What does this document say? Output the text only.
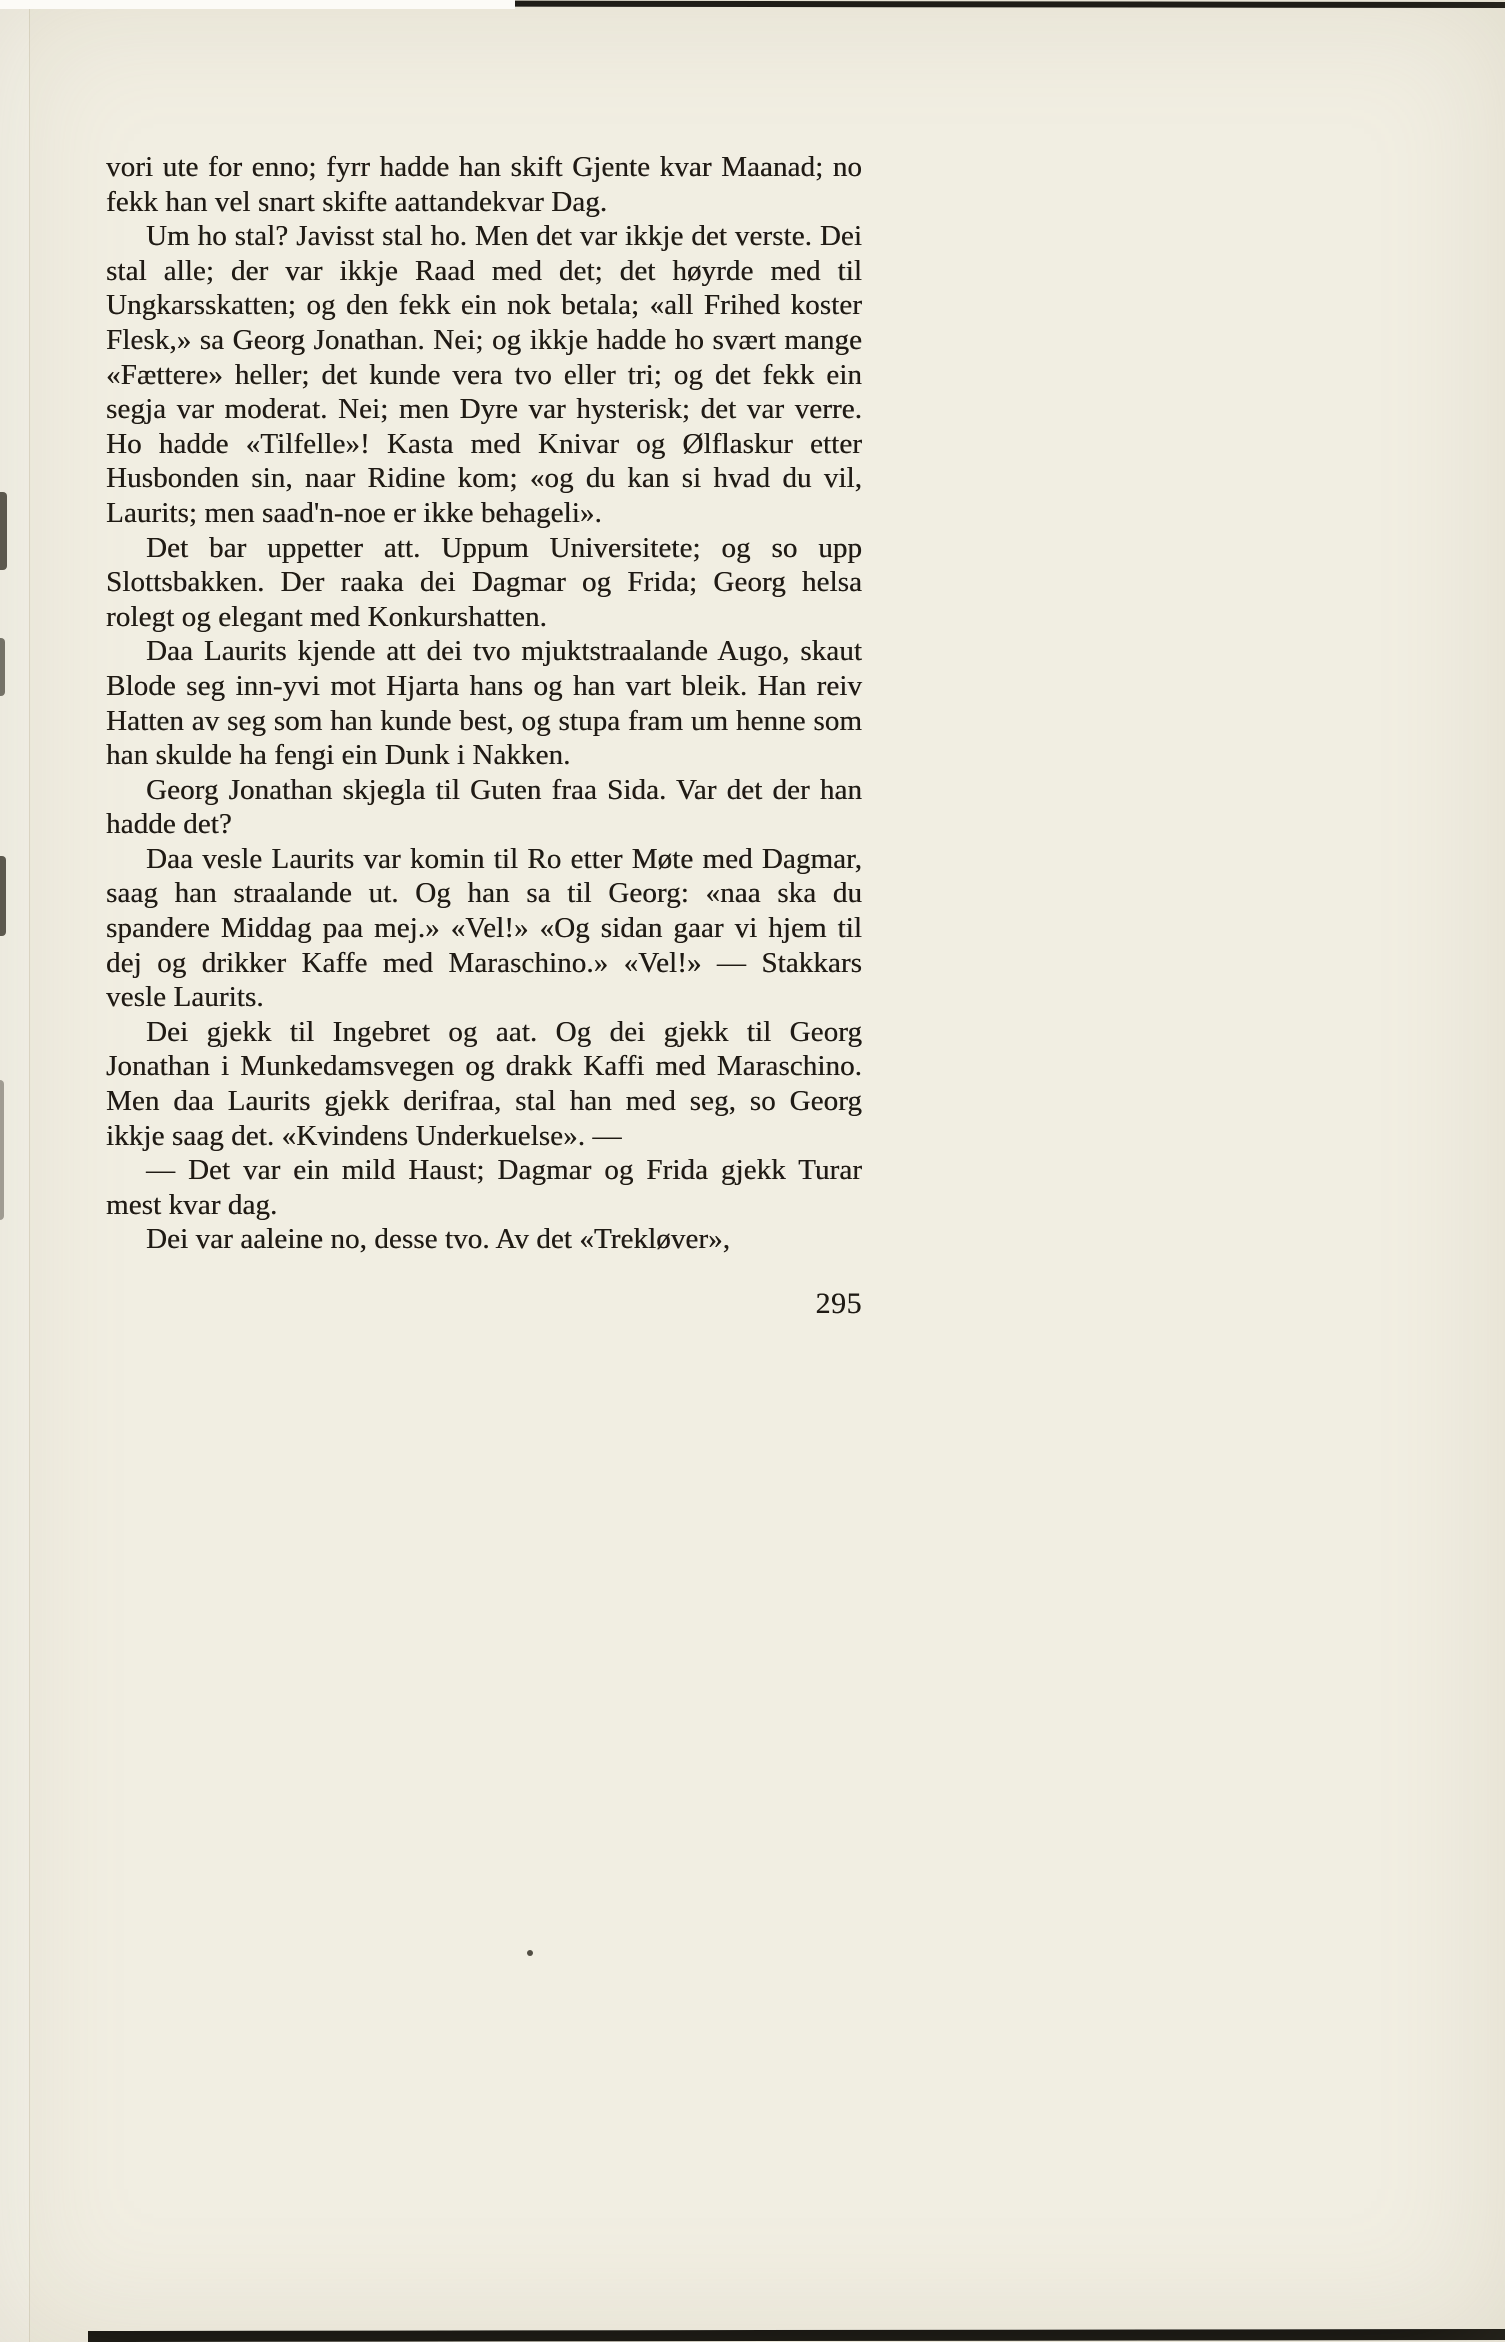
vori ute for enno; fyrr hadde han skift Gjente kvar Maanad; no fekk han vel snart skifte aattandekvar Dag.

Um ho stal? Javisst stal ho. Men det var ikkje det verste. Dei stal alle; der var ikkje Raad med det; det høyrde med til Ungkarsskatten; og den fekk ein nok betala; «all Frihed koster Flesk,» sa Georg Jonathan. Nei; og ikkje hadde ho svært mange «Fættere» heller; det kunde vera tvo eller tri; og det fekk ein segja var moderat. Nei; men Dyre var hysterisk; det var verre. Ho hadde «Tilfelle»! Kasta med Knivar og Ølflaskur etter Husbonden sin, naar Ridine kom; «og du kan si hvad du vil, Laurits; men saad'n-noe er ikke behageli».

Det bar uppetter att. Uppum Universitete; og so upp Slottsbakken. Der raaka dei Dagmar og Frida; Georg helsa rolegt og elegant med Konkurshatten.

Daa Laurits kjende att dei tvo mjuktstraalande Augo, skaut Blode seg inn-yvi mot Hjarta hans og han vart bleik. Han reiv Hatten av seg som han kunde best, og stupa fram um henne som han skulde ha fengi ein Dunk i Nakken.

Georg Jonathan skjegla til Guten fraa Sida. Var det der han hadde det?

Daa vesle Laurits var komin til Ro etter Møte med Dagmar, saag han straalande ut. Og han sa til Georg: «naa ska du spandere Middag paa mej.» «Vel!» «Og sidan gaar vi hjem til dej og drikker Kaffe med Maraschino.» «Vel!» — Stakkars vesle Laurits.

Dei gjekk til Ingebret og aat. Og dei gjekk til Georg Jonathan i Munkedamsvegen og drakk Kaffi med Maraschino. Men daa Laurits gjekk derifraa, stal han med seg, so Georg ikkje saag det. «Kvindens Underkuelse». —

— Det var ein mild Haust; Dagmar og Frida gjekk Turar mest kvar dag.

Dei var aaleine no, desse tvo. Av det «Trekløver»,

295
